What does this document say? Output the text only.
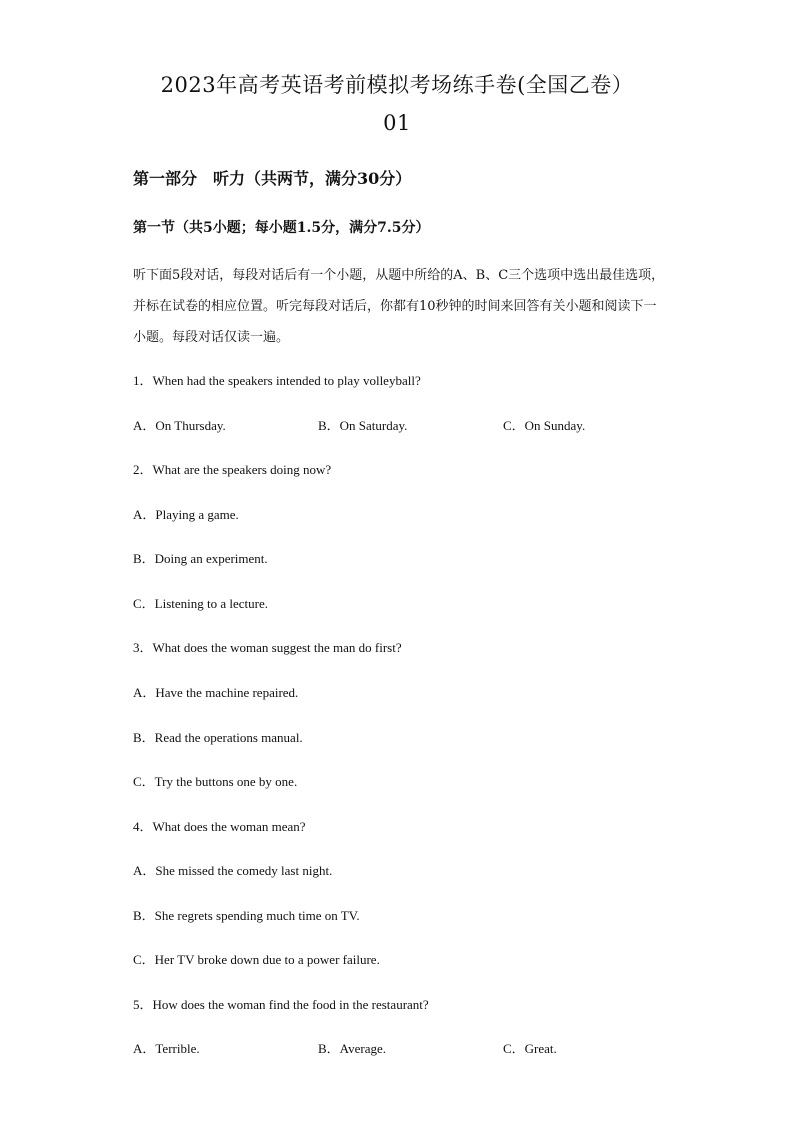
2023年高考英语考前模拟考场练手卷(全国乙卷）
01
第一部分　听力（共两节，满分30分）
第一节（共5小题；每小题1.5分，满分7.5分）
听下面5段对话，每段对话后有一个小题，从题中所给的A、B、C三个选项中选出最佳选项，并标在试卷的相应位置。听完每段对话后，你都有10秒钟的时间来回答有关小题和阅读下一小题。每段对话仅读一遍。
1．When had the speakers intended to play volleyball?
A．On Thursday.	B．On Saturday.	C．On Sunday.
2．What are the speakers doing now?
A．Playing a game.
B．Doing an experiment.
C．Listening to a lecture.
3．What does the woman suggest the man do first?
A．Have the machine repaired.
B．Read the operations manual.
C．Try the buttons one by one.
4．What does the woman mean?
A．She missed the comedy last night.
B．She regrets spending much time on TV.
C．Her TV broke down due to a power failure.
5．How does the woman find the food in the restaurant?
A．Terrible.	B．Average.	C．Great.
